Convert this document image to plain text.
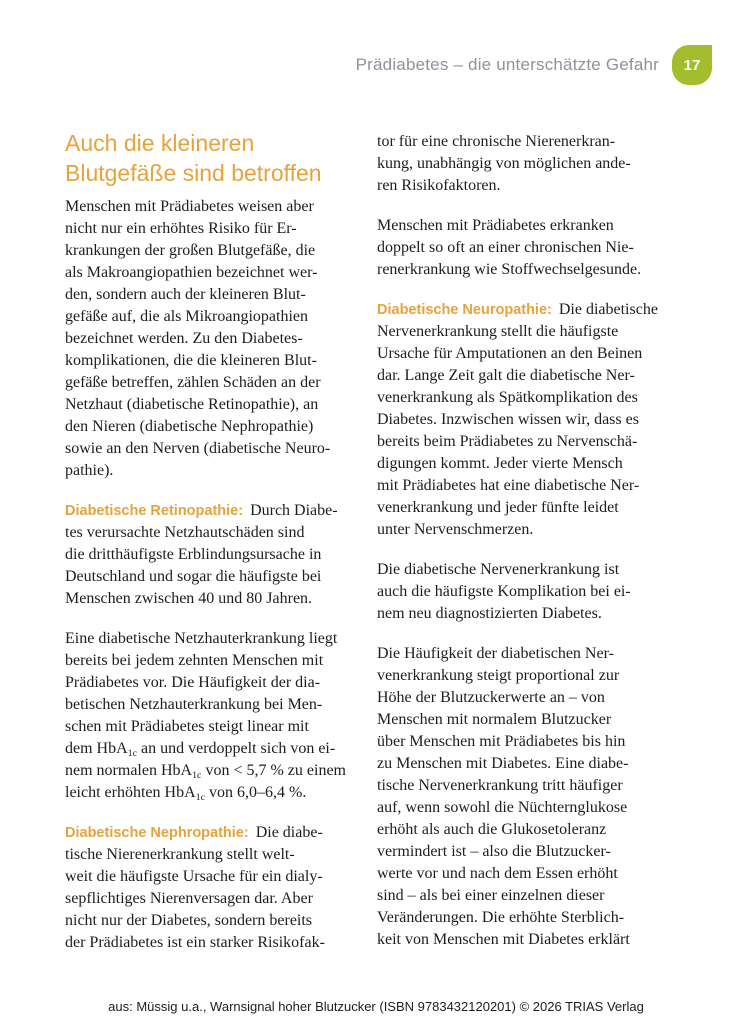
Prädiabetes – die unterschätzte Gefahr 17
Auch die kleineren
Blutgefäße sind betroffen

Menschen mit Prädiabetes weisen aber
nicht nur ein erhöhtes Risiko für Er-
krankungen der großen Blutgefäße, die
als Makroangiopathien bezeichnet wer-
den, sondern auch der kleineren Blut-
gefäße auf, die als Mikroangiopathien
bezeichnet werden. Zu den Diabetes-
komplikationen, die die kleineren Blut-
gefäße betreffen, zählen Schäden an der
Netzhaut (diabetische Retinopathie), an
den Nieren (diabetische Nephropathie)
sowie an den Nerven (diabetische Neuro-
pathie).

Diabetische Retinopathie: Durch Diabe-
tes verursachte Netzhautschäden sind
die dritthäufigste Erblindungsursache in
Deutschland und sogar die häufigste bei
Menschen zwischen 40 und 80 Jahren.

Eine diabetische Netzhauterkrankung liegt
bereits bei jedem zehnten Menschen mit
Prädiabetes vor. Die Häufigkeit der dia-
betischen Netzhauterkrankung bei Men-
schen mit Prädiabetes steigt linear mit
dem HbA$_{1c}$ an und verdoppelt sich von ei-
nem normalen HbA$_{1c}$ von < 5,7 % zu einem
leicht erhöhten HbA$_{1c}$ von 6,0–6,4 %.

Diabetische Nephropathie: Die diabe-
tische Nierenerkrankung stellt welt-
weit die häufigste Ursache für ein dialy-
sepflichtiges Nierenversagen dar. Aber
nicht nur der Diabetes, sondern bereits
der Prädiabetes ist ein starker Risikofak-

tor für eine chronische Nierenerkran-
kung, unabhängig von möglichen ande-
ren Risikofaktoren.

Menschen mit Prädiabetes erkranken
doppelt so oft an einer chronischen Nie-
renerkrankung wie Stoffwechselgesunde.

Diabetische Neuropathie: Die diabetische
Nervenerkrankung stellt die häufigste
Ursache für Amputationen an den Beinen
dar. Lange Zeit galt die diabetische Ner-
venerkrankung als Spätkomplikation des
Diabetes. Inzwischen wissen wir, dass es
bereits beim Prädiabetes zu Nervenschä-
digungen kommt. Jeder vierte Mensch
mit Prädiabetes hat eine diabetische Ner-
venerkrankung und jeder fünfte leidet
unter Nervenschmerzen.

Die diabetische Nervenerkrankung ist
auch die häufigste Komplikation bei ei-
nem neu diagnostizierten Diabetes.

Die Häufigkeit der diabetischen Ner-
venerkrankung steigt proportional zur
Höhe der Blutzuckerwerte an – von
Menschen mit normalem Blutzucker
über Menschen mit Prädiabetes bis hin
zu Menschen mit Diabetes. Eine diabe-
tische Nervenerkrankung tritt häufiger
auf, wenn sowohl die Nüchternglukose
erhöht als auch die Glukosetoleranz
vermindert ist – also die Blutzucker-
werte vor und nach dem Essen erhöht
sind – als bei einer einzelnen dieser
Veränderungen. Die erhöhte Sterblich-
keit von Menschen mit Diabetes erklärt

aus: Müssig u.a., Warnsignal hoher Blutzucker (ISBN 9783432120201) © 2026 TRIAS Verlag
